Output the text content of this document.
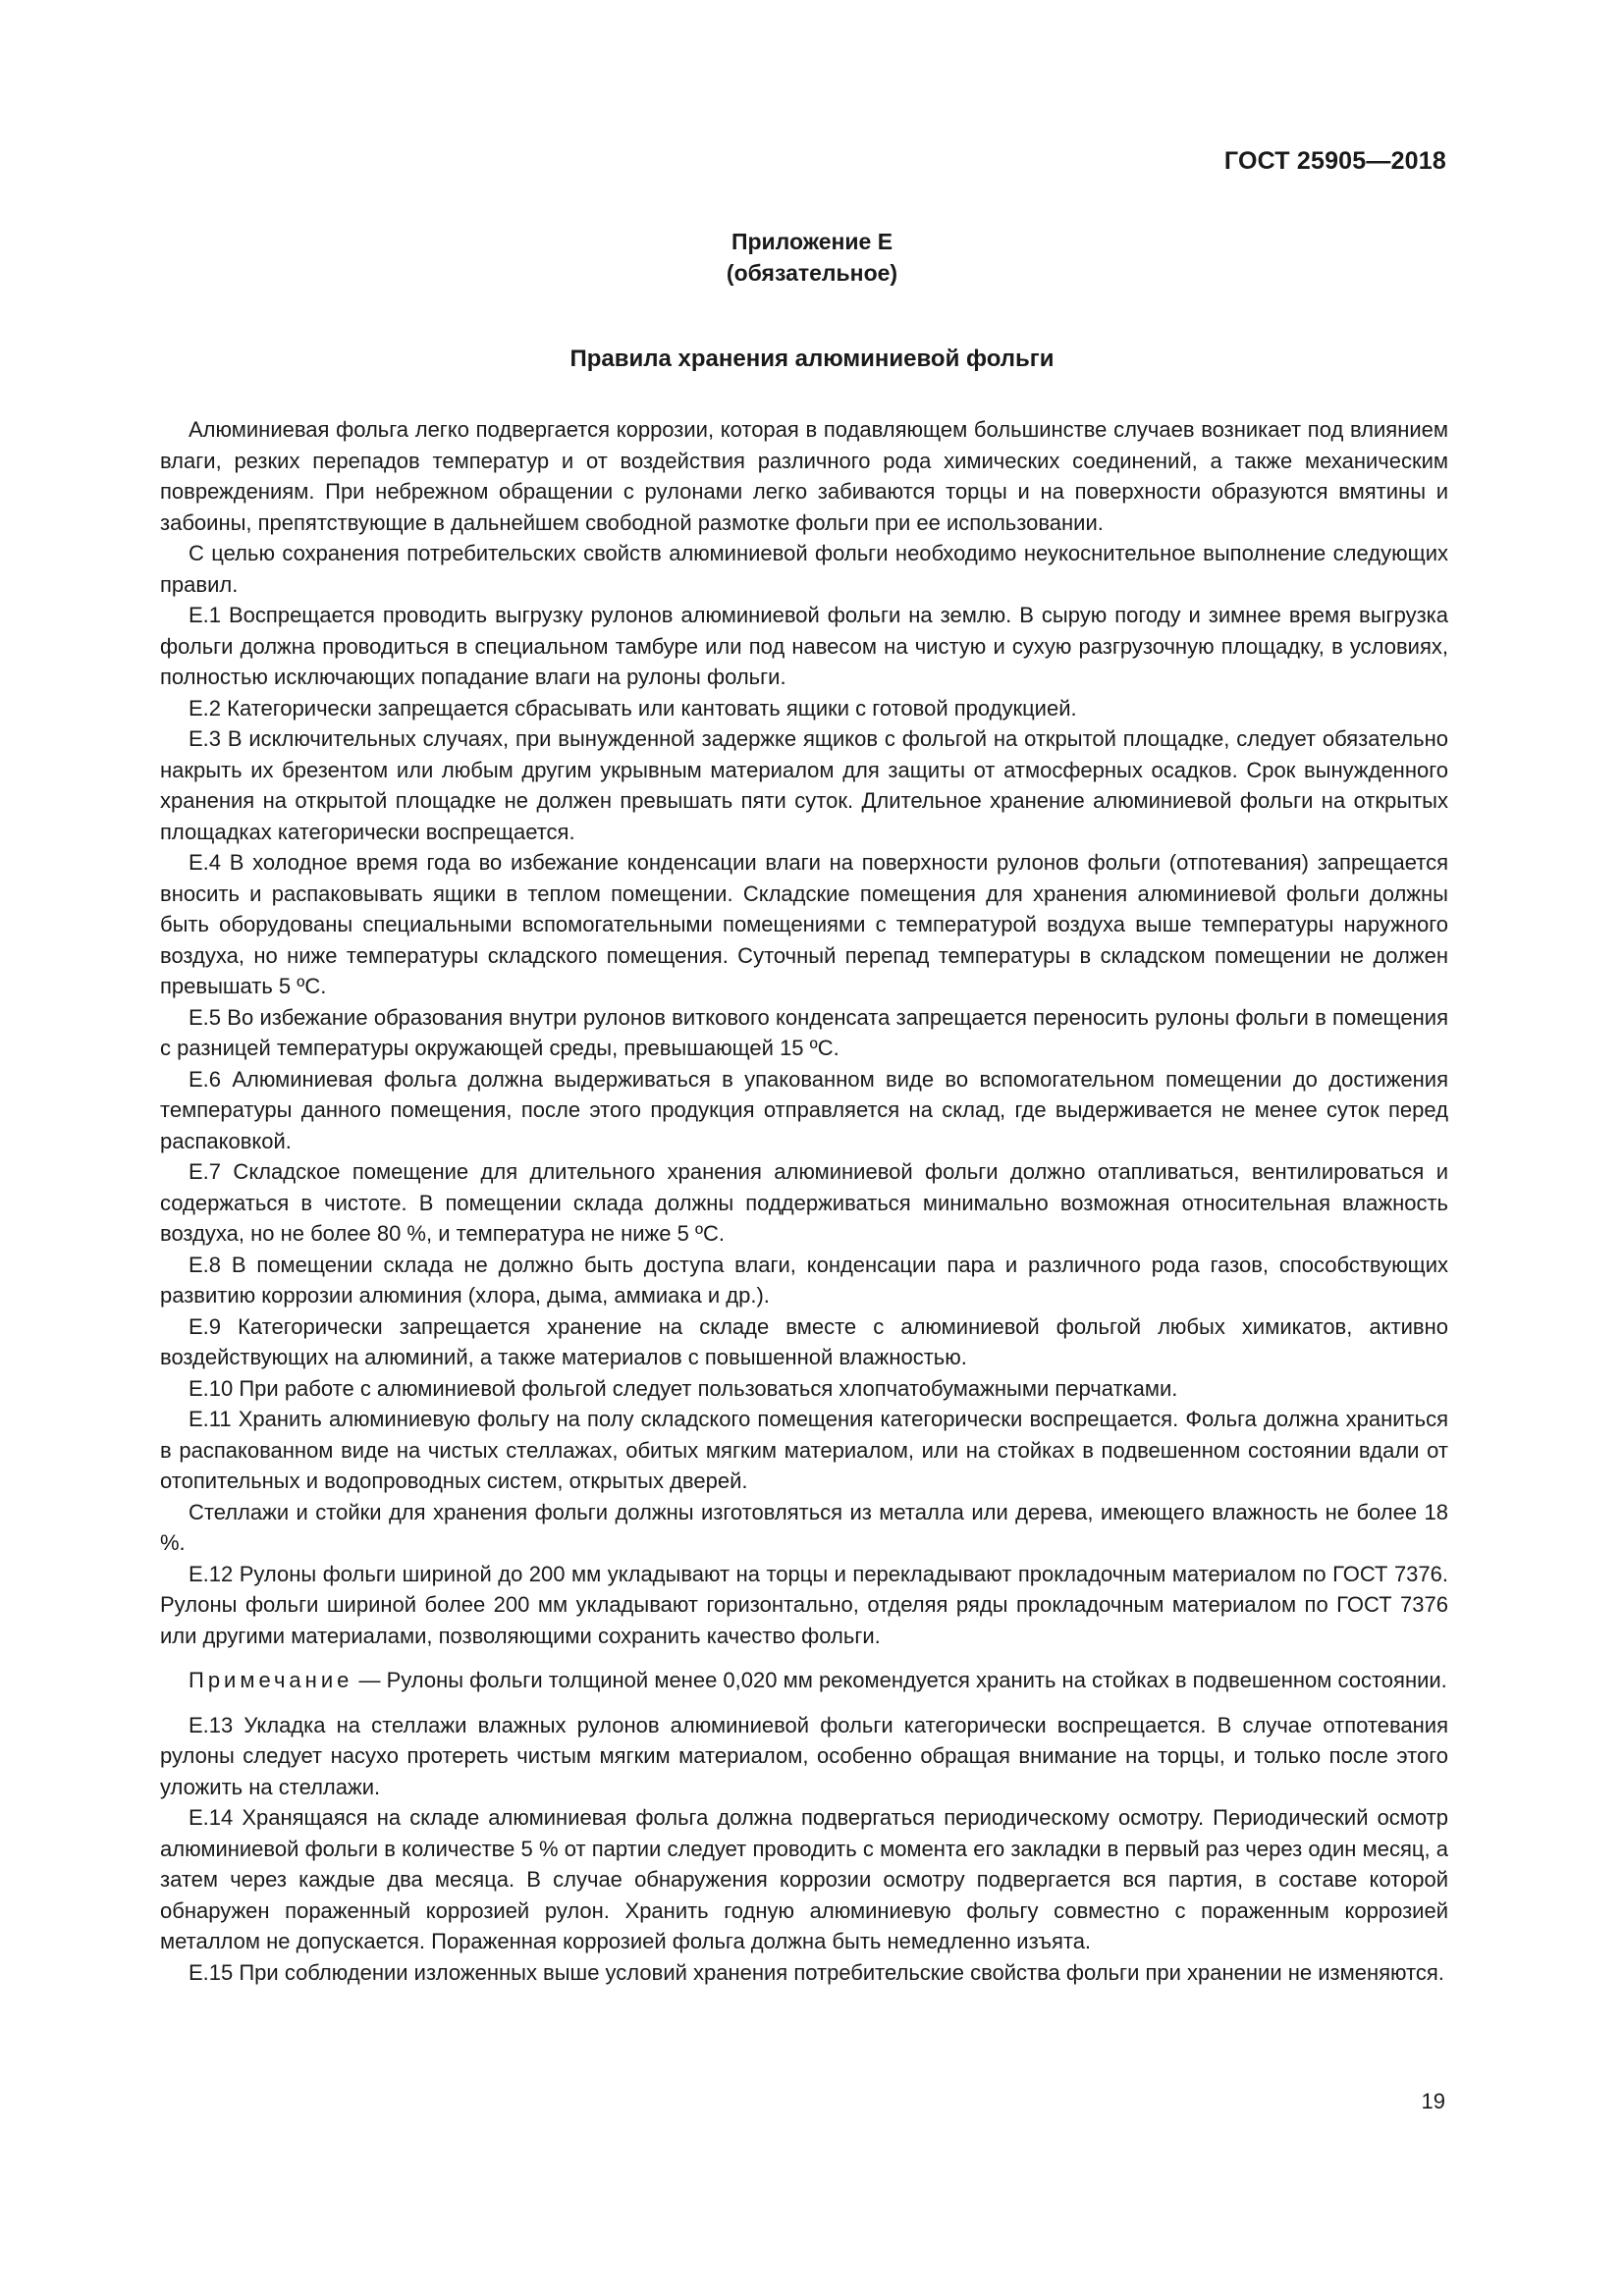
ГОСТ 25905—2018
Приложение Е
(обязательное)
Правила хранения алюминиевой фольги

Алюминиевая фольга легко подвергается коррозии, которая в подавляющем большинстве случаев возникает под влиянием влаги, резких перепадов температур и от воздействия различного рода химических соединений, а также механическим повреждениям. При небрежном обращении с рулонами легко забиваются торцы и на поверхности образуются вмятины и забоины, препятствующие в дальнейшем свободной размотке фольги при ее использовании.

С целью сохранения потребительских свойств алюминиевой фольги необходимо неукоснительное выполнение следующих правил.

Е.1 Воспрещается проводить выгрузку рулонов алюминиевой фольги на землю. В сырую погоду и зимнее время выгрузка фольги должна проводиться в специальном тамбуре или под навесом на чистую и сухую разгрузочную площадку, в условиях, полностью исключающих попадание влаги на рулоны фольги.

Е.2 Категорически запрещается сбрасывать или кантовать ящики с готовой продукцией.

Е.3 В исключительных случаях, при вынужденной задержке ящиков с фольгой на открытой площадке, следует обязательно накрыть их брезентом или любым другим укрывным материалом для защиты от атмосферных осадков. Срок вынужденного хранения на открытой площадке не должен превышать пяти суток. Длительное хранение алюминиевой фольги на открытых площадках категорически воспрещается.

Е.4 В холодное время года во избежание конденсации влаги на поверхности рулонов фольги (отпотевания) запрещается вносить и распаковывать ящики в теплом помещении. Складские помещения для хранения алюминиевой фольги должны быть оборудованы специальными вспомогательными помещениями с температурой воздуха выше температуры наружного воздуха, но ниже температуры складского помещения. Суточный перепад температуры в складском помещении не должен превышать 5 ºС.

Е.5 Во избежание образования внутри рулонов виткового конденсата запрещается переносить рулоны фольги в помещения с разницей температуры окружающей среды, превышающей 15 ºС.

Е.6 Алюминиевая фольга должна выдерживаться в упакованном виде во вспомогательном помещении до достижения температуры данного помещения, после этого продукция отправляется на склад, где выдерживается не менее суток перед распаковкой.

Е.7 Складское помещение для длительного хранения алюминиевой фольги должно отапливаться, вентилироваться и содержаться в чистоте. В помещении склада должны поддерживаться минимально возможная относительная влажность воздуха, но не более 80 %, и температура не ниже 5 ºС.

Е.8 В помещении склада не должно быть доступа влаги, конденсации пара и различного рода газов, способствующих развитию коррозии алюминия (хлора, дыма, аммиака и др.).

Е.9 Категорически запрещается хранение на складе вместе с алюминиевой фольгой любых химикатов, активно воздействующих на алюминий, а также материалов с повышенной влажностью.

Е.10 При работе с алюминиевой фольгой следует пользоваться хлопчатобумажными перчатками.

Е.11 Хранить алюминиевую фольгу на полу складского помещения категорически воспрещается. Фольга должна храниться в распакованном виде на чистых стеллажах, обитых мягким материалом, или на стойках в подвешенном состоянии вдали от отопительных и водопроводных систем, открытых дверей.

Стеллажи и стойки для хранения фольги должны изготовляться из металла или дерева, имеющего влажность не более 18 %.

Е.12 Рулоны фольги шириной до 200 мм укладывают на торцы и перекладывают прокладочным материалом по ГОСТ 7376. Рулоны фольги шириной более 200 мм укладывают горизонтально, отделяя ряды прокладочным материалом по ГОСТ 7376 или другими материалами, позволяющими сохранить качество фольги.

Примечание — Рулоны фольги толщиной менее 0,020 мм рекомендуется хранить на стойках в подвешенном состоянии.

Е.13 Укладка на стеллажи влажных рулонов алюминиевой фольги категорически воспрещается. В случае отпотевания рулоны следует насухо протереть чистым мягким материалом, особенно обращая внимание на торцы, и только после этого уложить на стеллажи.

Е.14 Хранящаяся на складе алюминиевая фольга должна подвергаться периодическому осмотру. Периодический осмотр алюминиевой фольги в количестве 5 % от партии следует проводить с момента его закладки в первый раз через один месяц, а затем через каждые два месяца. В случае обнаружения коррозии осмотру подвергается вся партия, в составе которой обнаружен пораженный коррозией рулон. Хранить годную алюминиевую фольгу совместно с пораженным коррозией металлом не допускается. Пораженная коррозией фольга должна быть немедленно изъята.

Е.15 При соблюдении изложенных выше условий хранения потребительские свойства фольги при хранении не изменяются.

19
